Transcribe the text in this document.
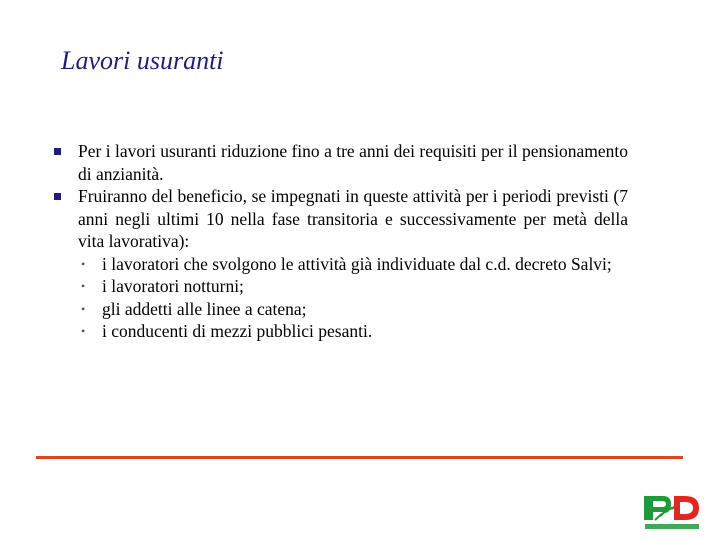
Lavori usuranti
Per i lavori usuranti riduzione fino a tre anni dei requisiti per il pensionamento di anzianità.
Fruiranno del beneficio, se impegnati in queste attività per i periodi previsti (7 anni negli ultimi 10 nella fase transitoria e successivamente per metà della vita lavorativa):
• i lavoratori che svolgono le attività già individuate dal c.d. decreto Salvi;
• i lavoratori notturni;
• gli addetti alle linee a catena;
• i conducenti di mezzi pubblici pesanti.
